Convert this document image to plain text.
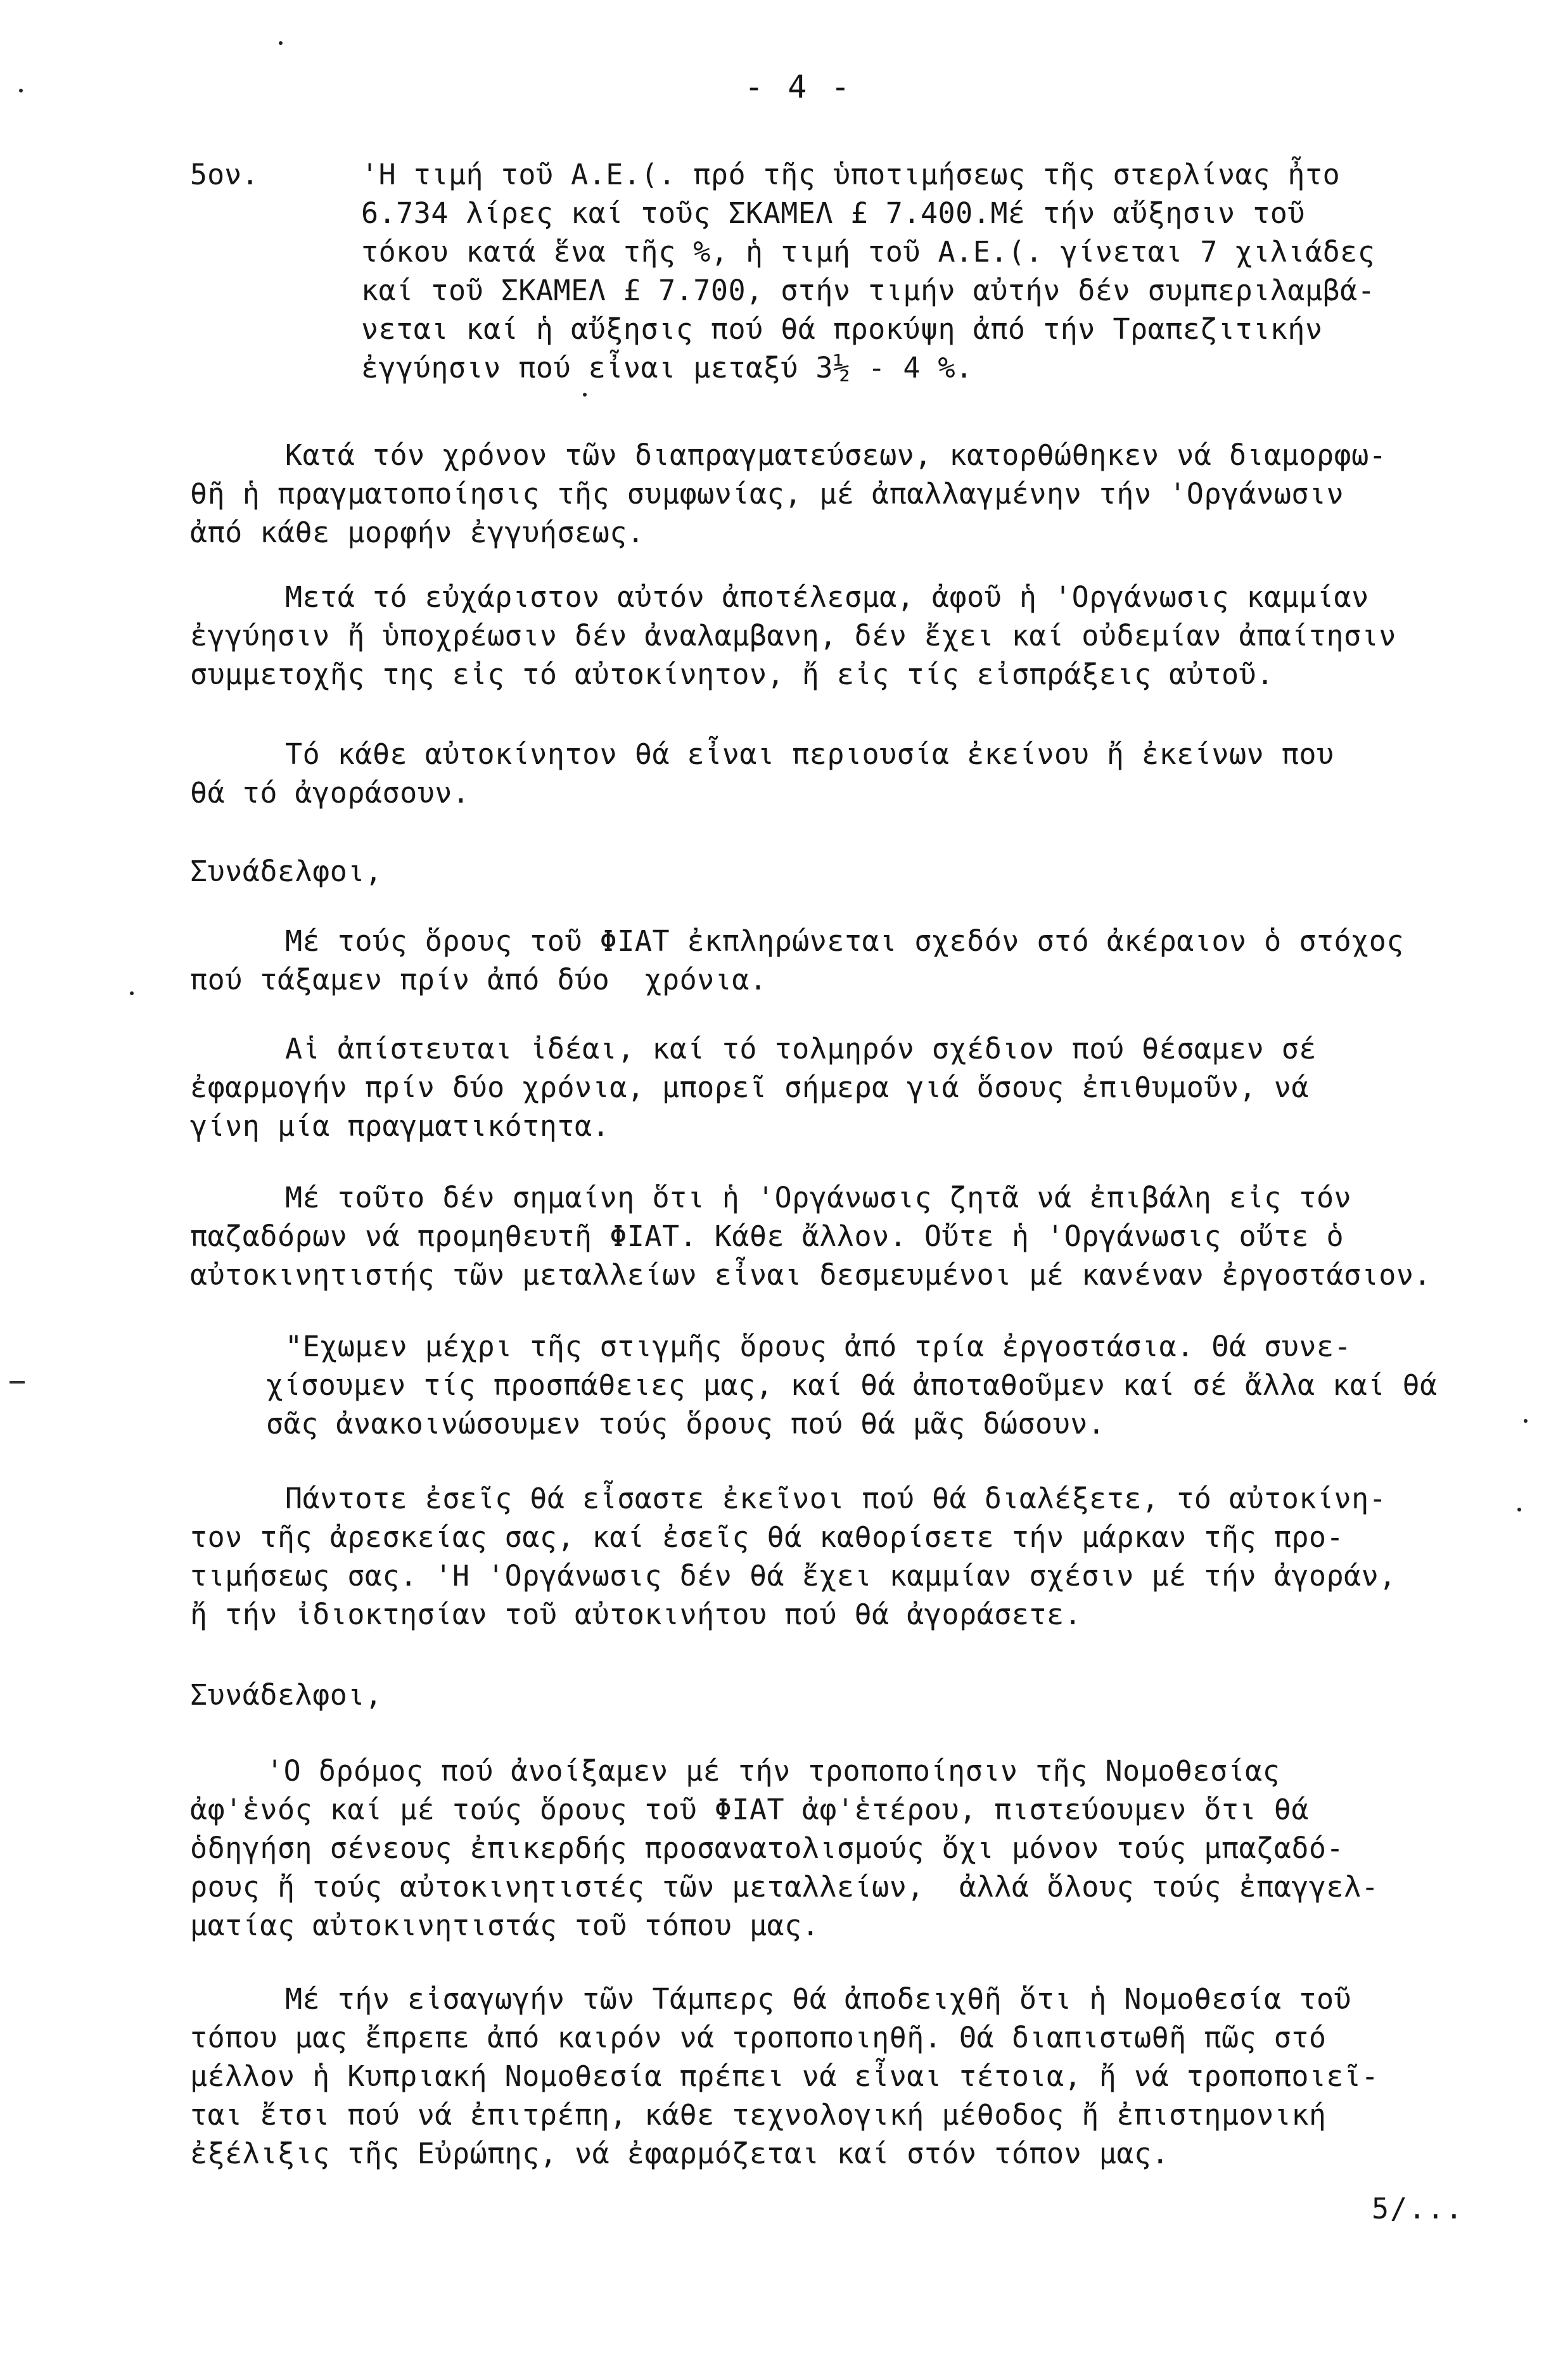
- 4 -
5ον.	'Η τιμή τοῦ Α.Ε.(. πρό τῆς ὑποτιμήσεως τῆς στερλίνας ἦτο
6.734 λίρες καί τοῦς ΣΚΑΜΕΛ £ 7.400.Μέ τήν αὔξησιν τοῦ
τόκου κατά ἕνα τῆς %, ἡ τιμή τοῦ Α.Ε.(. γίνεται 7 χιλιάδες
καί τοῦ ΣΚΑΜΕΛ £ 7.700, στήν τιμήν αὐτήν δέν συμπεριλαμβά-
νεται καί ἡ αὔξησις πού θά προκύψη ἀπό τήν Τραπεζιτικήν
ἐγγύησιν πού εἶναι μεταξύ 3½ - 4 %.
Κατά τόν χρόνον τῶν διαπραγματεύσεων, κατορθώθηκεν νά διαμορφω-
θῆ ἡ πραγματοποίησις τῆς συμφωνίας, μέ ἀπαλλαγμένην τήν 'Οργάνωσιν
ἀπό κάθε μορφήν ἐγγυήσεως.
Μετά τό εὐχάριστον αὐτόν ἀποτέλεσμα, ἀφοῦ ἡ 'Οργάνωσις καμμίαν
ἐγγύησιν ἤ ὑποχρέωσιν δέν ἀναλαμβανη, δέν ἔχει καί οὐδεμίαν ἀπαίτησιν
συμμετοχῆς της εἰς τό αὐτοκίνητον, ἤ εἰς τίς εἰσπράξεις αὐτοῦ.
Τό κάθε αὐτοκίνητον θά εἶναι περιουσία ἐκείνου ἤ ἐκείνων που
θά τό ἀγοράσουν.
Συνάδελφοι,
Μέ τούς ὅρους τοῦ ΦΙΑΤ ἐκπληρώνεται σχεδόν στό ἀκέραιον ὁ στόχος
πού τάξαμεν πρίν ἀπό δύο  χρόνια.
Αἱ ἀπίστευται ἰδέαι, καί τό τολμηρόν σχέδιον πού θέσαμεν σέ
ἐφαρμογήν πρίν δύο χρόνια, μπορεῖ σήμερα γιά ὅσους ἐπιθυμοῦν, νά
γίνη μία πραγματικότητα.
Μέ τοῦτο δέν σημαίνη ὅτι ἡ 'Οργάνωσις ζητᾶ νά ἐπιβάλη εἰς τόν
παζαδόρων νά προμηθευτῆ ΦΙΑΤ. Κάθε ἄλλον. Οὔτε ἡ 'Οργάνωσις οὔτε ὁ
αὐτοκινητιστής τῶν μεταλλείων εἶναι δεσμευμένοι μέ κανέναν ἐργοστάσιον.
"Εχωμεν μέχρι τῆς στιγμῆς ὅρους ἀπό τρία ἐργοστάσια. Θά συνε-
χίσουμεν τίς προσπάθειες μας, καί θά ἀποταθοῦμεν καί σέ ἄλλα καί θά
σᾶς ἀνακοινώσουμεν τούς ὅρους πού θά μᾶς δώσουν.
Πάντοτε ἐσεῖς θά εἶσαστε ἐκεῖνοι πού θά διαλέξετε, τό αὐτοκίνη-
τον τῆς ἀρεσκείας σας, καί ἐσεῖς θά καθορίσετε τήν μάρκαν τῆς προ-
τιμήσεως σας. 'Η 'Οργάνωσις δέν θά ἔχει καμμίαν σχέσιν μέ τήν ἀγοράν,
ἤ τήν ἰδιοκτησίαν τοῦ αὐτοκινήτου πού θά ἀγοράσετε.
Συνάδελφοι,
'Ο δρόμος πού ἀνοίξαμεν μέ τήν τροποποίησιν τῆς Νομοθεσίας
ἀφ'ἑνός καί μέ τούς ὅρους τοῦ ΦΙΑΤ ἀφ'ἑτέρου, πιστεύουμεν ὅτι θά
ὁδηγήση σένεους ἐπικερδής προσανατολισμούς ὄχι μόνον τούς μπαζαδό-
ρους ἤ τούς αὐτοκινητιστές τῶν μεταλλείων,  ἀλλά ὅλους τούς ἐπαγγελ-
ματίας αὐτοκινητιστάς τοῦ τόπου μας.
Μέ τήν εἰσαγωγήν τῶν Τάμπερς θά ἀποδειχθῆ ὅτι ἡ Νομοθεσία τοῦ
τόπου μας ἔπρεπε ἀπό καιρόν νά τροποποιηθῆ. Θά διαπιστωθῆ πῶς στό
μέλλον ἡ Κυπριακή Νομοθεσία πρέπει νά εἶναι τέτοια, ἤ νά τροποποιεῖ-
ται ἔτσι πού νά ἐπιτρέπη, κάθε τεχνολογική μέθοδος ἤ ἐπιστημονική
ἐξέλιξις τῆς Εὐρώπης, νά ἐφαρμόζεται καί στόν τόπον μας.
5/...
